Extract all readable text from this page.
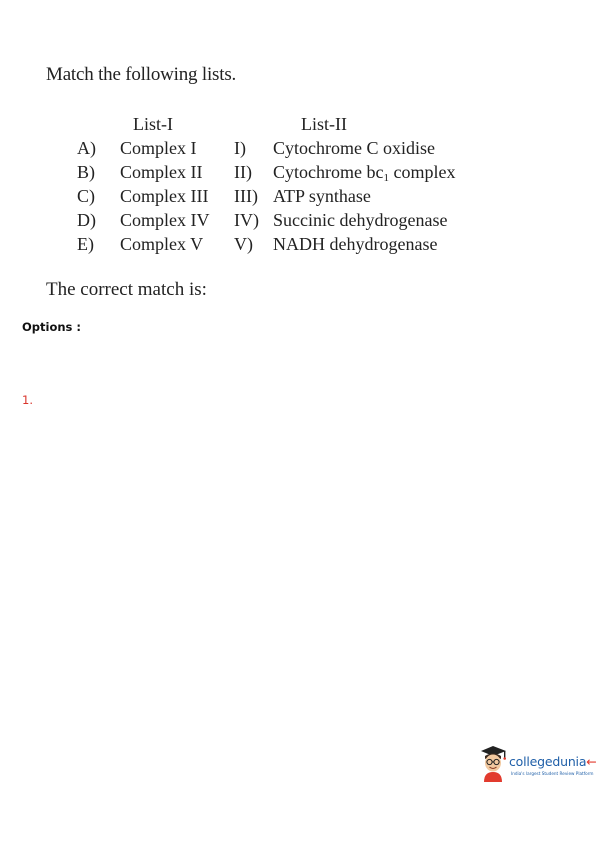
Match the following lists.

List-I	List-II
A) Complex I I) Cytochrome C oxidise
B) Complex II II) Cytochrome $bc_1$ complex
C) Complex III III) ATP synthase
D) Complex IV IV) Succinic dehydrogenase
E) Complex V V) NADH dehydrogenase

The correct match is:

Options :
1.
collegedunia←
India's largest Student Review Platform
